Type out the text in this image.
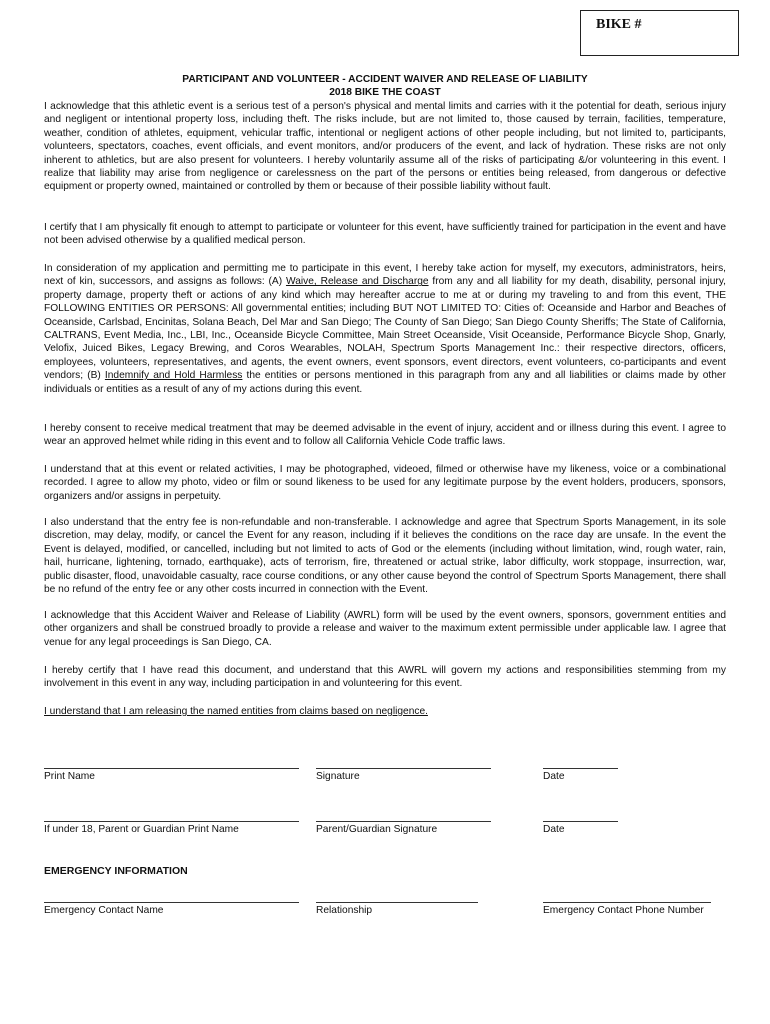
BIKE #
PARTICIPANT AND VOLUNTEER - ACCIDENT WAIVER AND RELEASE OF LIABILITY
2018 BIKE THE COAST

I acknowledge that this athletic event is a serious test of a person's physical and mental limits and carries with it the potential for death, serious injury and negligent or intentional property loss, including theft. The risks include, but are not limited to, those caused by terrain, facilities, temperature, weather, condition of athletes, equipment, vehicular traffic, intentional or negligent actions of other people including, but not limited to, participants, volunteers, spectators, coaches, event officials, and event monitors, and/or producers of the event, and lack of hydration. These risks are not only inherent to athletics, but are also present for volunteers. I hereby voluntarily assume all of the risks of participating &/or volunteering in this event. I realize that liability may arise from negligence or carelessness on the part of the persons or entities being released, from dangerous or defective equipment or property owned, maintained or controlled by them or because of their possible liability without fault.

I certify that I am physically fit enough to attempt to participate or volunteer for this event, have sufficiently trained for participation in the event and have not been advised otherwise by a qualified medical person.

In consideration of my application and permitting me to participate in this event, I hereby take action for myself, my executors, administrators, heirs, next of kin, successors, and assigns as follows: (A) Waive, Release and Discharge from any and all liability for my death, disability, personal injury, property damage, property theft or actions of any kind which may hereafter accrue to me at or during my traveling to and from this event, THE FOLLOWING ENTITIES OR PERSONS: All governmental entities; including BUT NOT LIMITED TO: Cities of: Oceanside and Harbor and Beaches of Oceanside, Carlsbad, Encinitas, Solana Beach, Del Mar and San Diego; The County of San Diego; San Diego County Sheriffs; The State of California, CALTRANS, Event Media, Inc., LBI, Inc., Oceanside Bicycle Committee, Main Street Oceanside, Visit Oceanside, Performance Bicycle Shop, Gnarly, Velofix, Juiced Bikes, Legacy Brewing, and Coros Wearables, NOLAH, Spectrum Sports Management Inc.: their respective directors, officers, employees, volunteers, representatives, and agents, the event owners, event sponsors, event directors, event volunteers, co-participants and event vendors; (B) Indemnify and Hold Harmless the entities or persons mentioned in this paragraph from any and all liabilities or claims made by other individuals or entities as a result of any of my actions during this event.

I hereby consent to receive medical treatment that may be deemed advisable in the event of injury, accident and or illness during this event. I agree to wear an approved helmet while riding in this event and to follow all California Vehicle Code traffic laws.

I understand that at this event or related activities, I may be photographed, videoed, filmed or otherwise have my likeness, voice or a combinational recorded. I agree to allow my photo, video or film or sound likeness to be used for any legitimate purpose by the event holders, producers, sponsors, organizers and/or assigns in perpetuity.

I also understand that the entry fee is non-refundable and non-transferable. I acknowledge and agree that Spectrum Sports Management, in its sole discretion, may delay, modify, or cancel the Event for any reason, including if it believes the conditions on the race day are unsafe. In the event the Event is delayed, modified, or cancelled, including but not limited to acts of God or the elements (including without limitation, wind, rough water, rain, hail, hurricane, lightening, tornado, earthquake), acts of terrorism, fire, threatened or actual strike, labor difficulty, work stoppage, insurrection, war, public disaster, flood, unavoidable casualty, race course conditions, or any other cause beyond the control of Spectrum Sports Management, there shall be no refund of the entry fee or any other costs incurred in connection with the Event.

I acknowledge that this Accident Waiver and Release of Liability (AWRL) form will be used by the event owners, sponsors, government entities and other organizers and shall be construed broadly to provide a release and waiver to the maximum extent permissible under applicable law. I agree that venue for any legal proceedings is San Diego, CA.

I hereby certify that I have read this document, and understand that this AWRL will govern my actions and responsibilities stemming from my involvement in this event in any way, including participation in and volunteering for this event.

I understand that I am releasing the named entities from claims based on negligence.

Print Name	Signature	Date
If under 18, Parent or Guardian Print Name	Parent/Guardian Signature	Date
EMERGENCY INFORMATION
Emergency Contact Name	Relationship	Emergency Contact Phone Number
